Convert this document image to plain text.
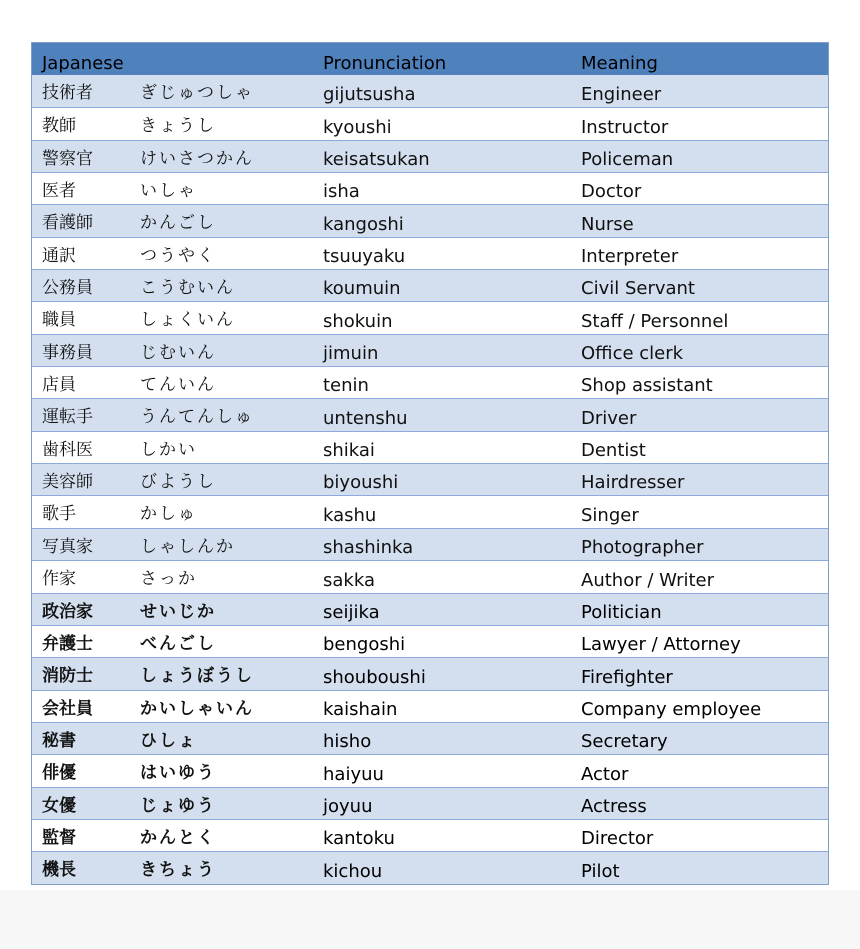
Japanese	Pronunciation	Meaning
技術者	ぎじゅつしゃ	gijutsusha	Engineer
教師	きょうし	kyoushi	Instructor
警察官	けいさつかん	keisatsukan	Policeman
医者	いしゃ	isha	Doctor
看護師	かんごし	kangoshi	Nurse
通訳	つうやく	tsuuyaku	Interpreter
公務員	こうむいん	koumuin	Civil Servant
職員	しょくいん	shokuin	Staff / Personnel
事務員	じむいん	jimuin	Office clerk
店員	てんいん	tenin	Shop assistant
運転手	うんてんしゅ	untenshu	Driver
歯科医	しかい	shikai	Dentist
美容師	びようし	biyoushi	Hairdresser
歌手	かしゅ	kashu	Singer
写真家	しゃしんか	shashinka	Photographer
作家	さっか	sakka	Author / Writer
政治家	せいじか	seijika	Politician
弁護士	べんごし	bengoshi	Lawyer / Attorney
消防士	しょうぼうし	shouboushi	Firefighter
会社員	かいしゃいん	kaishain	Company employee
秘書	ひしょ	hisho	Secretary
俳優	はいゆう	haiyuu	Actor
女優	じょゆう	joyuu	Actress
監督	かんとく	kantoku	Director
機長	きちょう	kichou	Pilot
